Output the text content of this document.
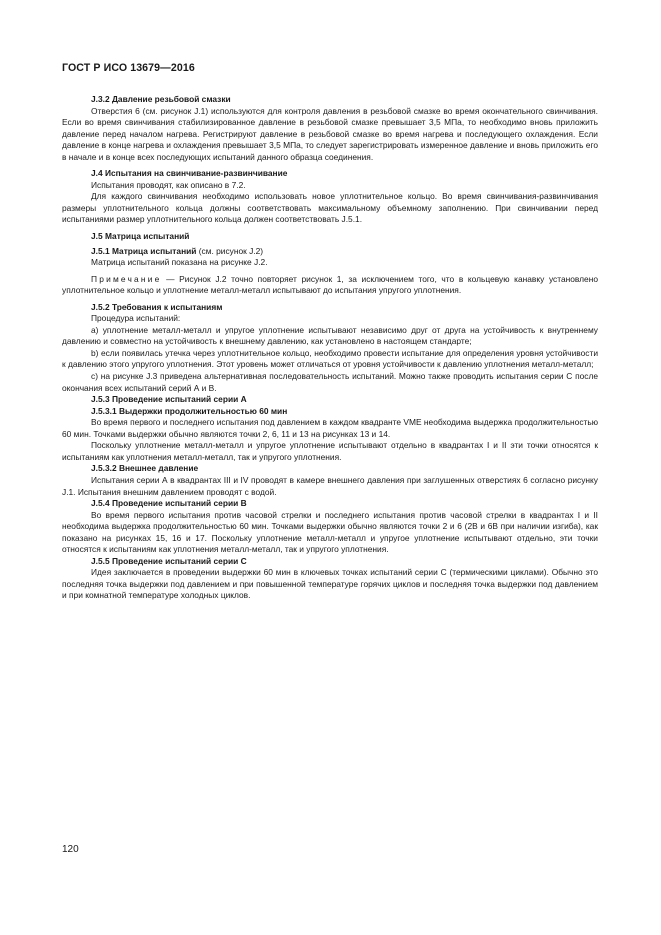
ГОСТ Р ИСО 13679—2016

J.3.2 Давление резьбовой смазки

Отверстия 6 (см. рисунок J.1) используются для контроля давления в резьбовой смазке во время окончательного свинчивания. Если во время свинчивания стабилизированное давление в резьбовой смазке превышает 3,5 МПа, то необходимо вновь приложить давление перед началом нагрева. Регистрируют давление в резьбовой смазке во время нагрева и последующего охлаждения. Если давление в конце нагрева и охлаждения превышает 3,5 МПа, то следует зарегистрировать измеренное давление и вновь приложить его в начале и в конце всех последующих испытаний данного образца соединения.

J.4 Испытания на свинчивание-развинчивание

Испытания проводят, как описано в 7.2.

Для каждого свинчивания необходимо использовать новое уплотнительное кольцо. Во время свинчивания-развинчивания размеры уплотнительного кольца должны соответствовать максимальному объемному заполнению. При свинчивании перед испытаниями размер уплотнительного кольца должен соответствовать J.5.1.

J.5 Матрица испытаний

J.5.1 Матрица испытаний (см. рисунок J.2)

Матрица испытаний показана на рисунке J.2.

Примечание — Рисунок J.2 точно повторяет рисунок 1, за исключением того, что в кольцевую канавку установлено уплотнительное кольцо и уплотнение металл-металл испытывают до испытания упругого уплотнения.

J.5.2 Требования к испытаниям

Процедура испытаний:

a) уплотнение металл-металл и упругое уплотнение испытывают независимо друг от друга на устойчивость к внутреннему давлению и совместно на устойчивость к внешнему давлению, как установлено в настоящем стандарте;

b) если появилась утечка через уплотнительное кольцо, необходимо провести испытание для определения уровня устойчивости к давлению этого упругого уплотнения. Этот уровень может отличаться от уровня устойчивости к давлению уплотнения металл-металл;

c) на рисунке J.3 приведена альтернативная последовательность испытаний. Можно также проводить испытания серии С после окончания всех испытаний серий А и В.

J.5.3 Проведение испытаний серии А

J.5.3.1 Выдержки продолжительностью 60 мин

Во время первого и последнего испытания под давлением в каждом квадранте VME необходима выдержка продолжительностью 60 мин. Точками выдержки обычно являются точки 2, 6, 11 и 13 на рисунках 13 и 14.

Поскольку уплотнение металл-металл и упругое уплотнение испытывают отдельно в квадрантах I и II эти точки относятся к испытаниям как уплотнения металл-металл, так и упругого уплотнения.

J.5.3.2 Внешнее давление

Испытания серии А в квадрантах III и IV проводят в камере внешнего давления при заглушенных отверстиях 6 согласно рисунку J.1. Испытания внешним давлением проводят с водой.

J.5.4 Проведение испытаний серии В

Во время первого испытания против часовой стрелки и последнего испытания против часовой стрелки в квадрантах I и II необходима выдержка продолжительностью 60 мин. Точками выдержки обычно являются точки 2 и 6 (2В и 6В при наличии изгиба), как показано на рисунках 15, 16 и 17. Поскольку уплотнение металл-металл и упругое уплотнение испытывают отдельно, эти точки относятся к испытаниям как уплотнения металл-металл, так и упругого уплотнения.

J.5.5 Проведение испытаний серии С

Идея заключается в проведении выдержки 60 мин в ключевых точках испытаний серии С (термическими циклами). Обычно это последняя точка выдержки под давлением и при повышенной температуре горячих циклов и последняя точка выдержки под давлением и при комнатной температуре холодных циклов.

120
